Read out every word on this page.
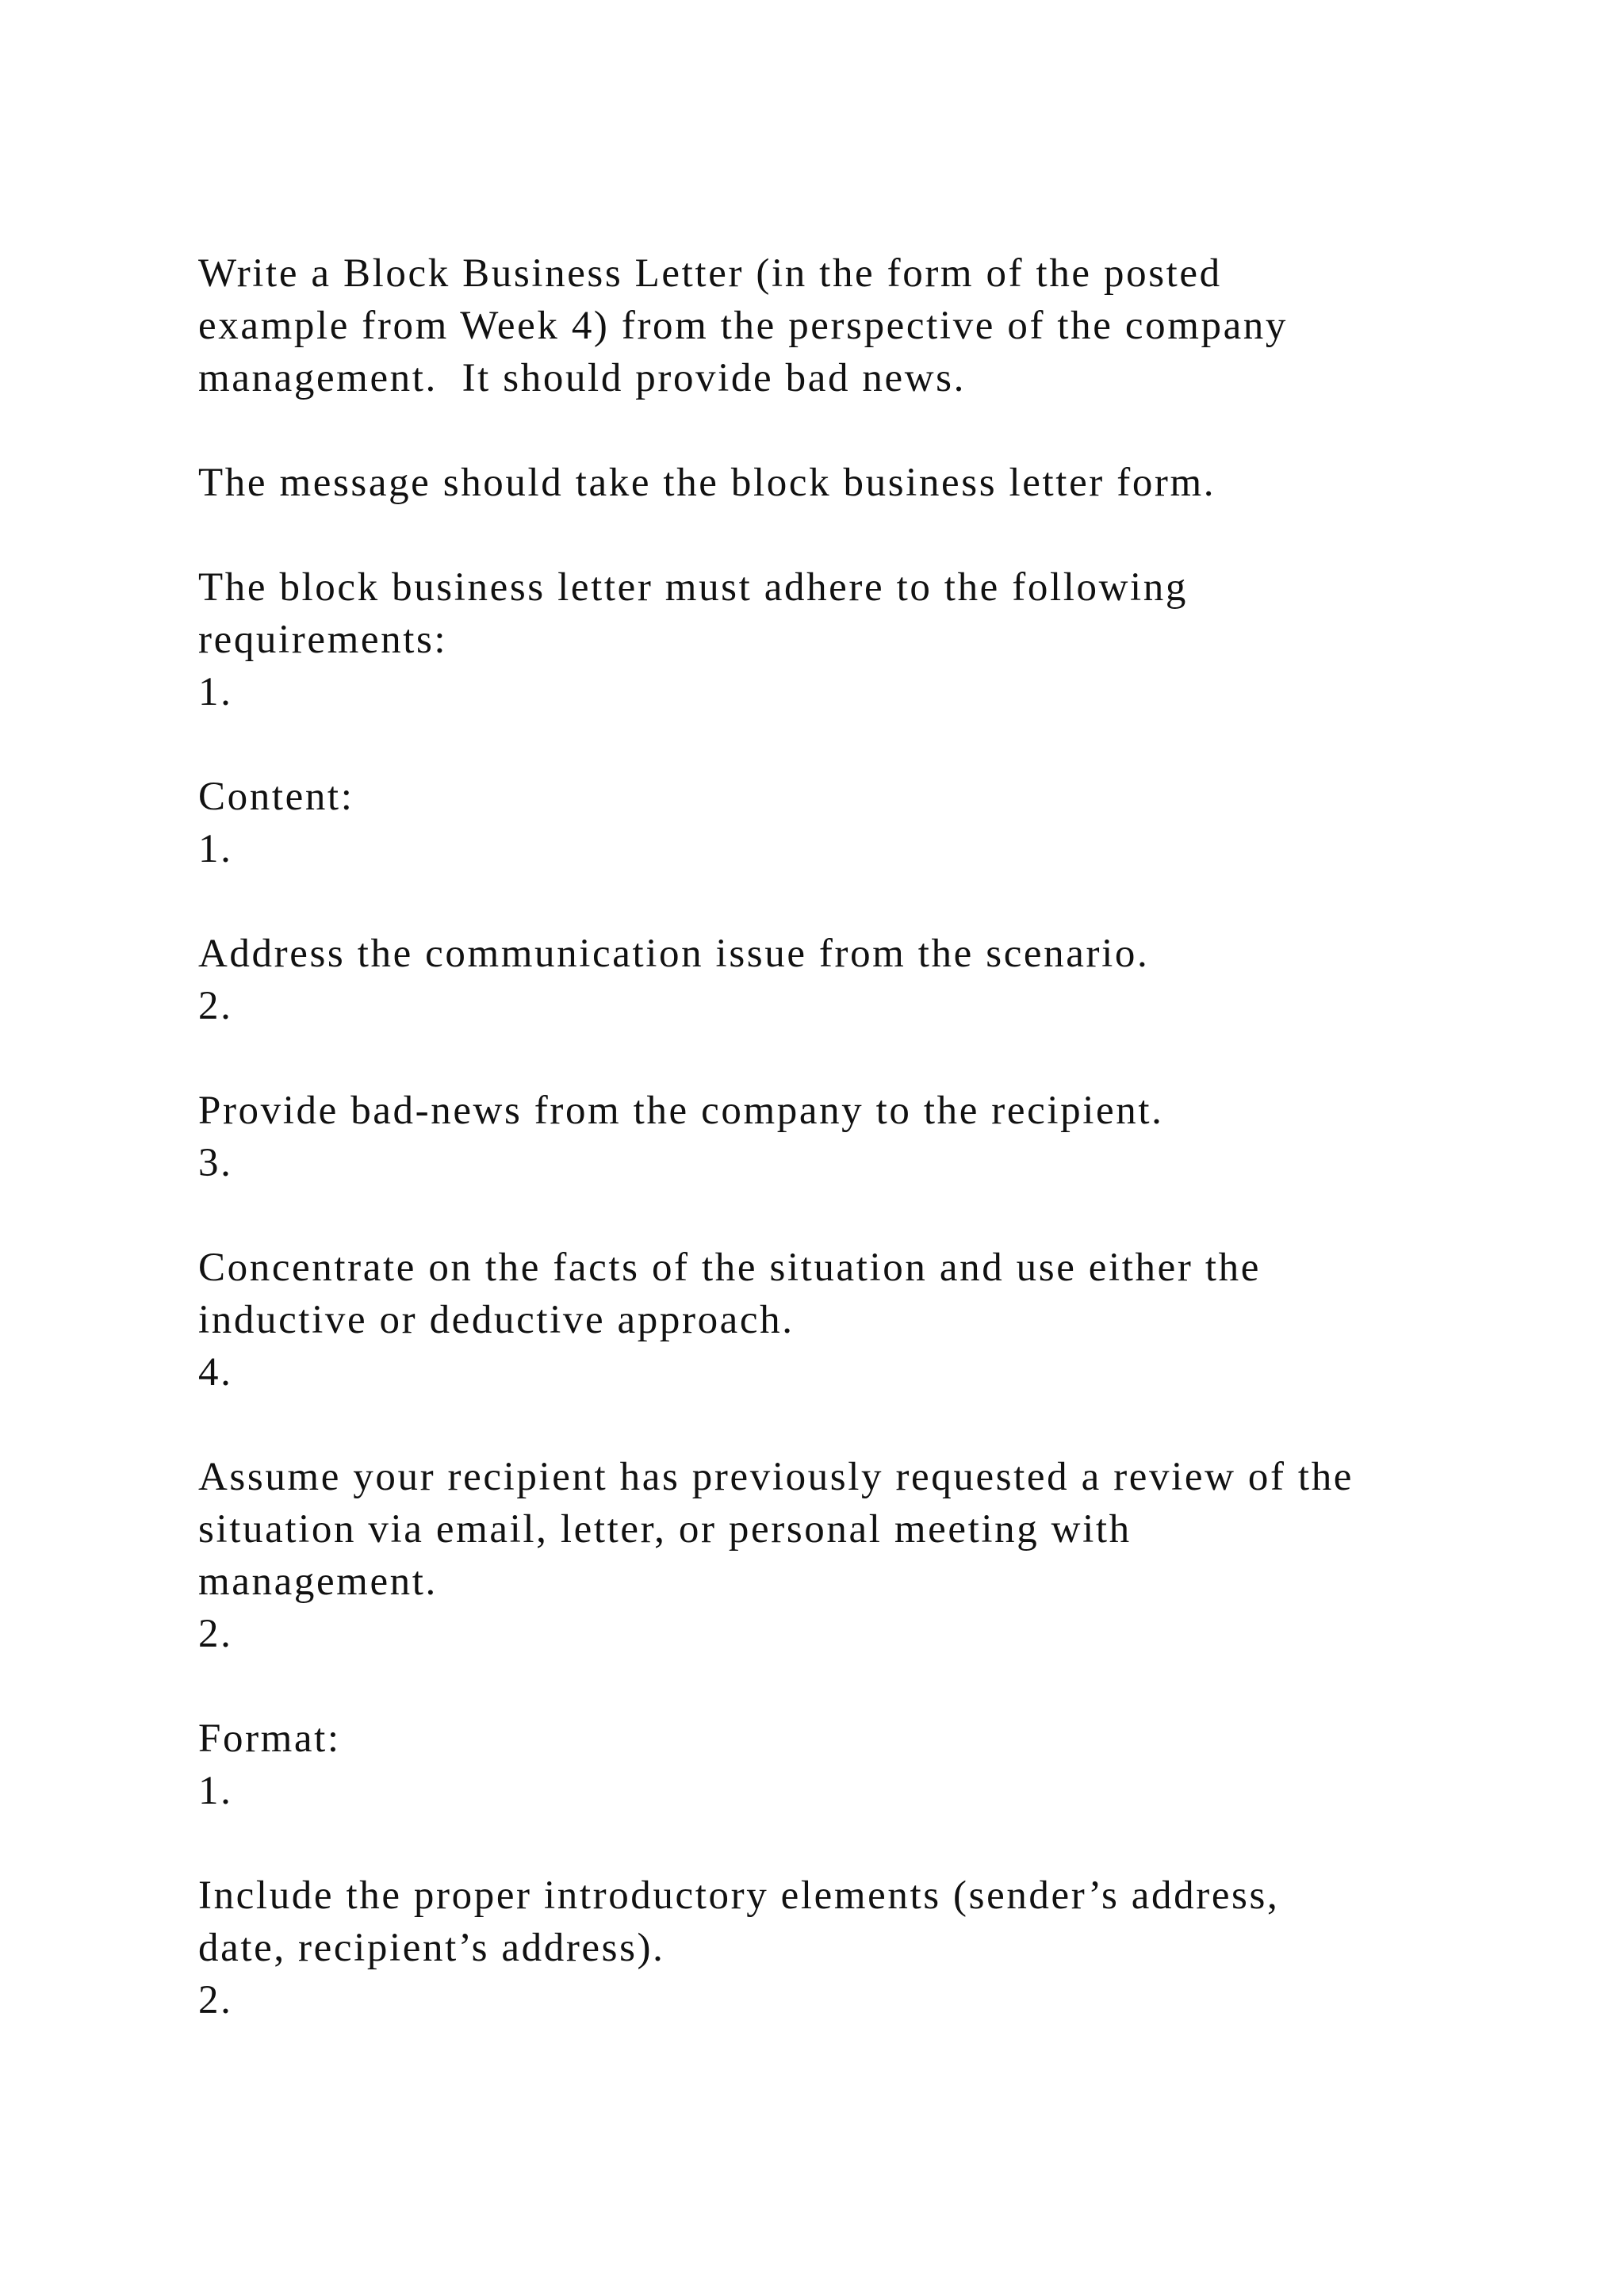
Write a Block Business Letter (in the form of the posted
example from Week 4) from the perspective of the company
management.  It should provide bad news.
The message should take the block business letter form.
The block business letter must adhere to the following
requirements:
1.
Content:
1.
Address the communication issue from the scenario.
2.
Provide bad-news from the company to the recipient.
3.
Concentrate on the facts of the situation and use either the
inductive or deductive approach.
4.
Assume your recipient has previously requested a review of the
situation via email, letter, or personal meeting with
management.
2.
Format:
1.
Include the proper introductory elements (sender’s address,
date, recipient’s address).
2.
